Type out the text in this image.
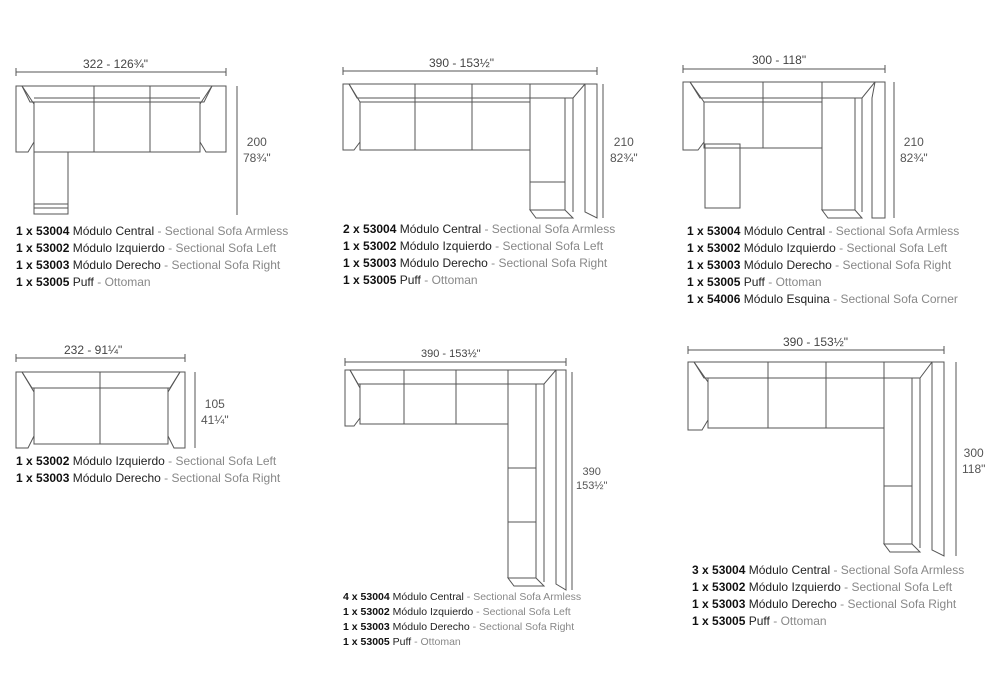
322 - 126¾"
200
78¾"
1 x 53004 Módulo Central - Sectional Sofa Armless
1 x 53002 Módulo Izquierdo - Sectional Sofa Left
1 x 53003 Módulo Derecho - Sectional Sofa Right
1 x 53005 Puff - Ottoman
390 - 153½"
210
82¾"
2 x 53004 Módulo Central - Sectional Sofa Armless
1 x 53002 Módulo Izquierdo - Sectional Sofa Left
1 x 53003 Módulo Derecho - Sectional Sofa Right
1 x 53005 Puff - Ottoman
300 - 118"
210
82¾"
1 x 53004 Módulo Central - Sectional Sofa Armless
1 x 53002 Módulo Izquierdo - Sectional Sofa Left
1 x 53003 Módulo Derecho - Sectional Sofa Right
1 x 53005 Puff - Ottoman
1 x 54006 Módulo Esquina - Sectional Sofa Corner
232 - 91¼"
105
41¼"
1 x 53002 Módulo Izquierdo - Sectional Sofa Left
1 x 53003 Módulo Derecho - Sectional Sofa Right
390 - 153½"
390
153½"
4 x 53004 Módulo Central - Sectional Sofa Armless
1 x 53002 Módulo Izquierdo - Sectional Sofa Left
1 x 53003 Módulo Derecho - Sectional Sofa Right
1 x 53005 Puff - Ottoman
390 - 153½"
300
118"
3 x 53004 Módulo Central - Sectional Sofa Armless
1 x 53002 Módulo Izquierdo - Sectional Sofa Left
1 x 53003 Módulo Derecho - Sectional Sofa Right
1 x 53005 Puff - Ottoman
